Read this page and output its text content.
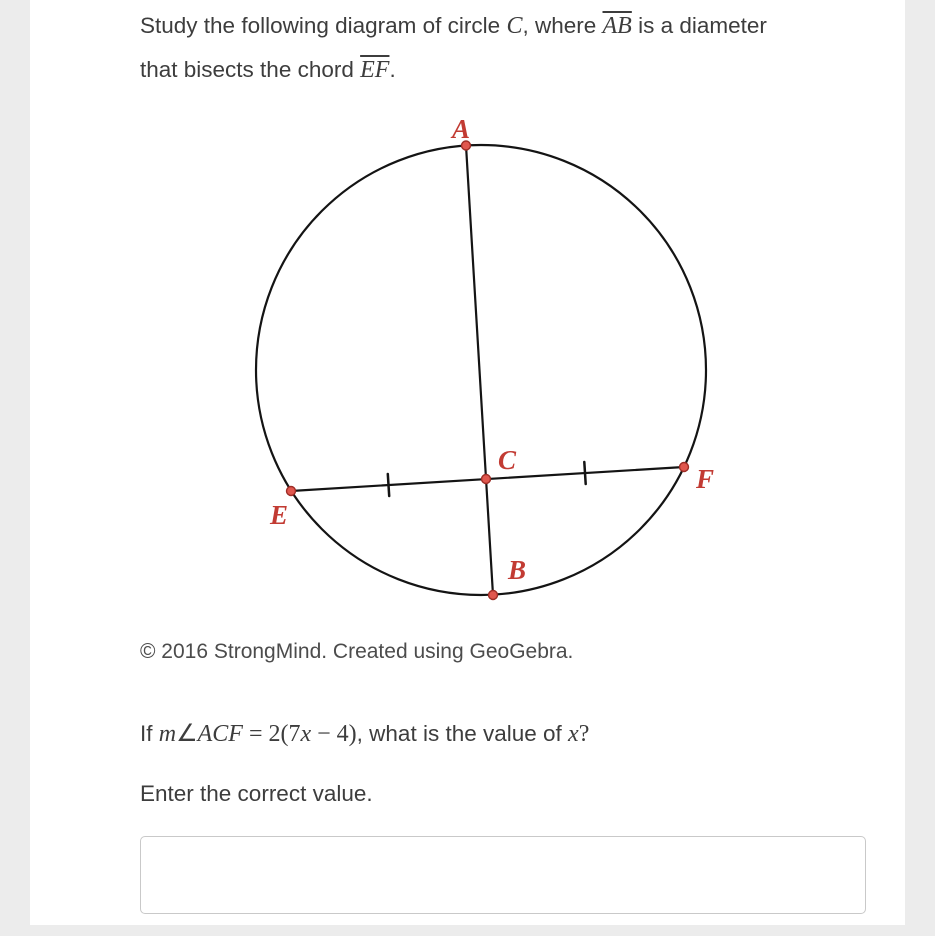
Study the following diagram of circle C, where $\overline{AB}$ is a diameter

that bisects the chord $\overline{EF}$.

A
B
E
F
C
© 2016 StrongMind. Created using GeoGebra.

If m∠ACF = 2(7x − 4), what is the value of x?

Enter the correct value.
